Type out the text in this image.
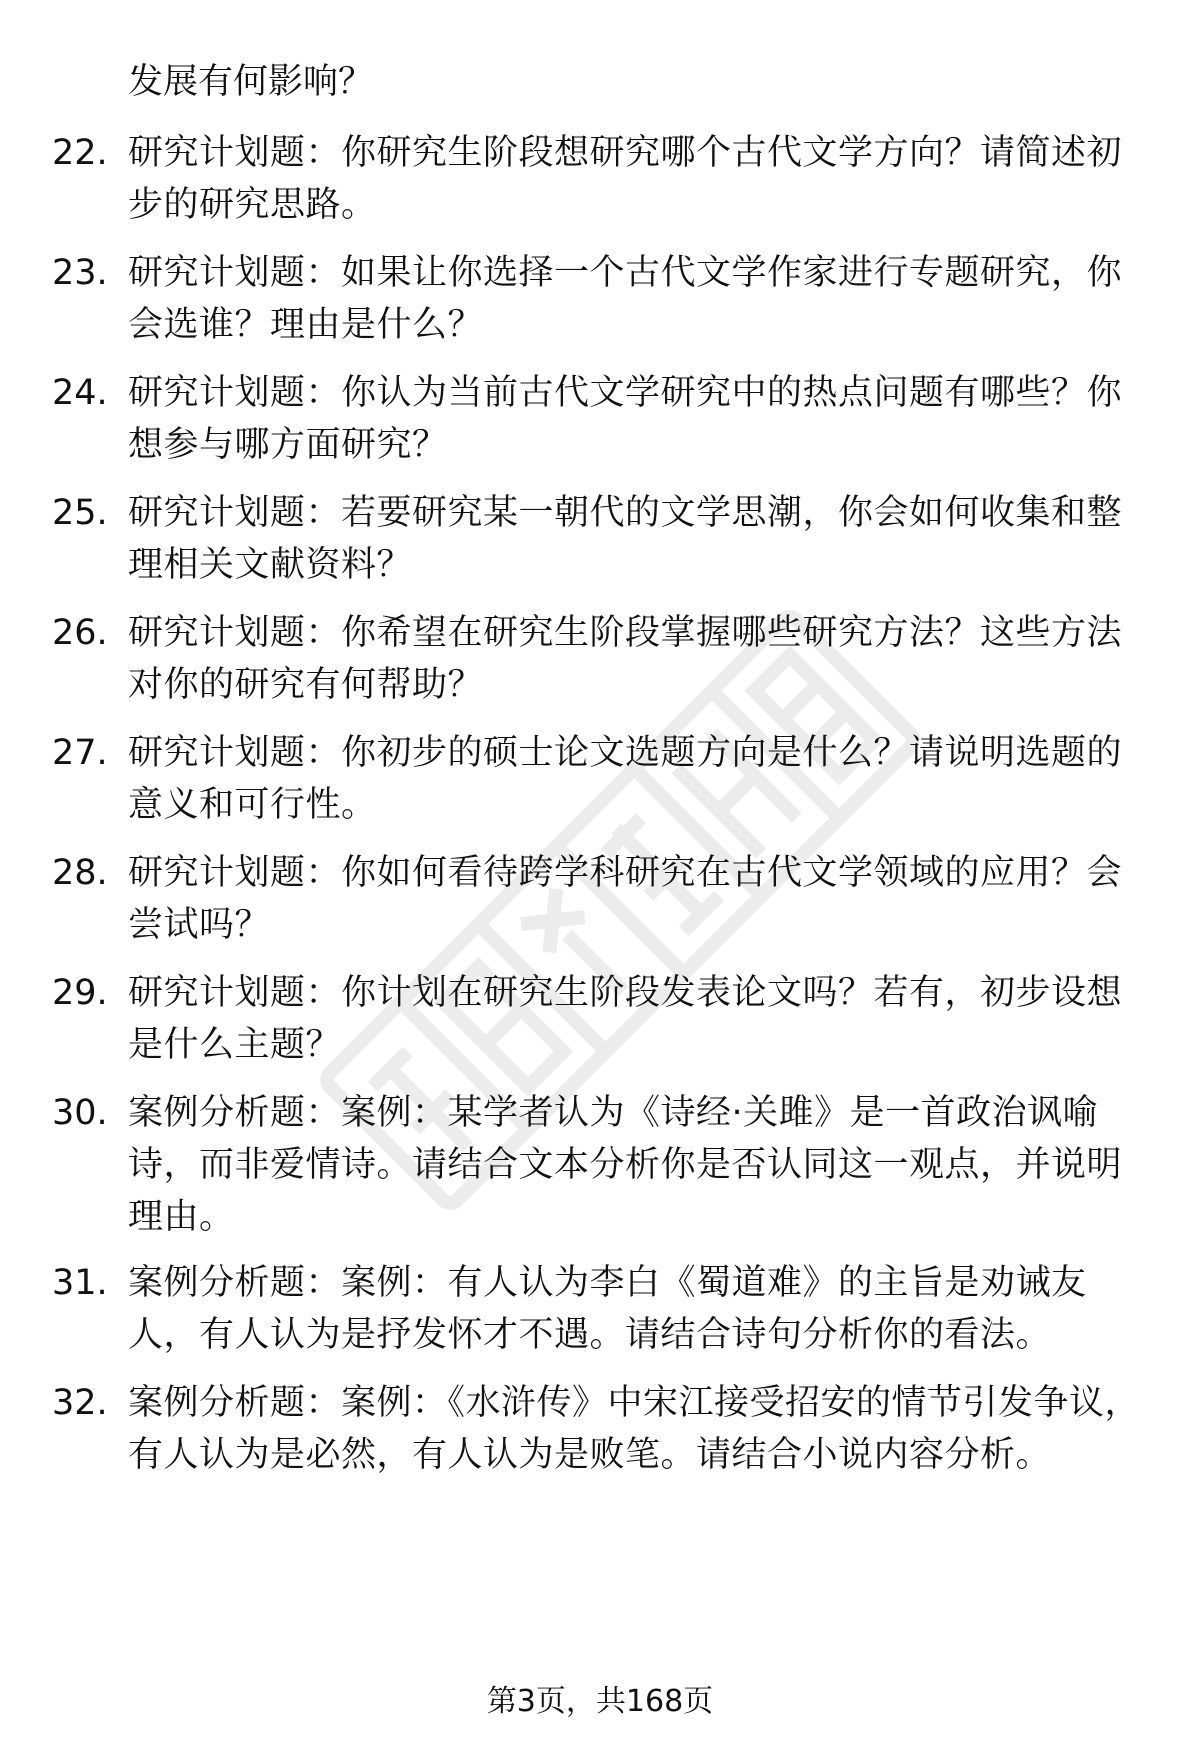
发展有何影响？
22. 研究计划题：你研究生阶段想研究哪个古代文学方向？请简述初步的研究思路。
23. 研究计划题：如果让你选择一个古代文学作家进行专题研究，你会选谁？理由是什么？
24. 研究计划题：你认为当前古代文学研究中的热点问题有哪些？你想参与哪方面研究？
25. 研究计划题：若要研究某一朝代的文学思潮，你会如何收集和整理相关文献资料？
26. 研究计划题：你希望在研究生阶段掌握哪些研究方法？这些方法对你的研究有何帮助？
27. 研究计划题：你初步的硕士论文选题方向是什么？请说明选题的意义和可行性。
28. 研究计划题：你如何看待跨学科研究在古代文学领域的应用？会尝试吗？
29. 研究计划题：你计划在研究生阶段发表论文吗？若有，初步设想是什么主题？
30. 案例分析题：案例：某学者认为《诗经·关雎》是一首政治讽喻诗，而非爱情诗。请结合文本分析你是否认同这一观点，并说明理由。
31. 案例分析题：案例：有人认为李白《蜀道难》的主旨是劝诫友人，有人认为是抒发怀才不遇。请结合诗句分析你的看法。
32. 案例分析题：案例：《水浒传》中宋江接受招安的情节引发争议，有人认为是必然，有人认为是败笔。请结合小说内容分析。
第3页，共168页
